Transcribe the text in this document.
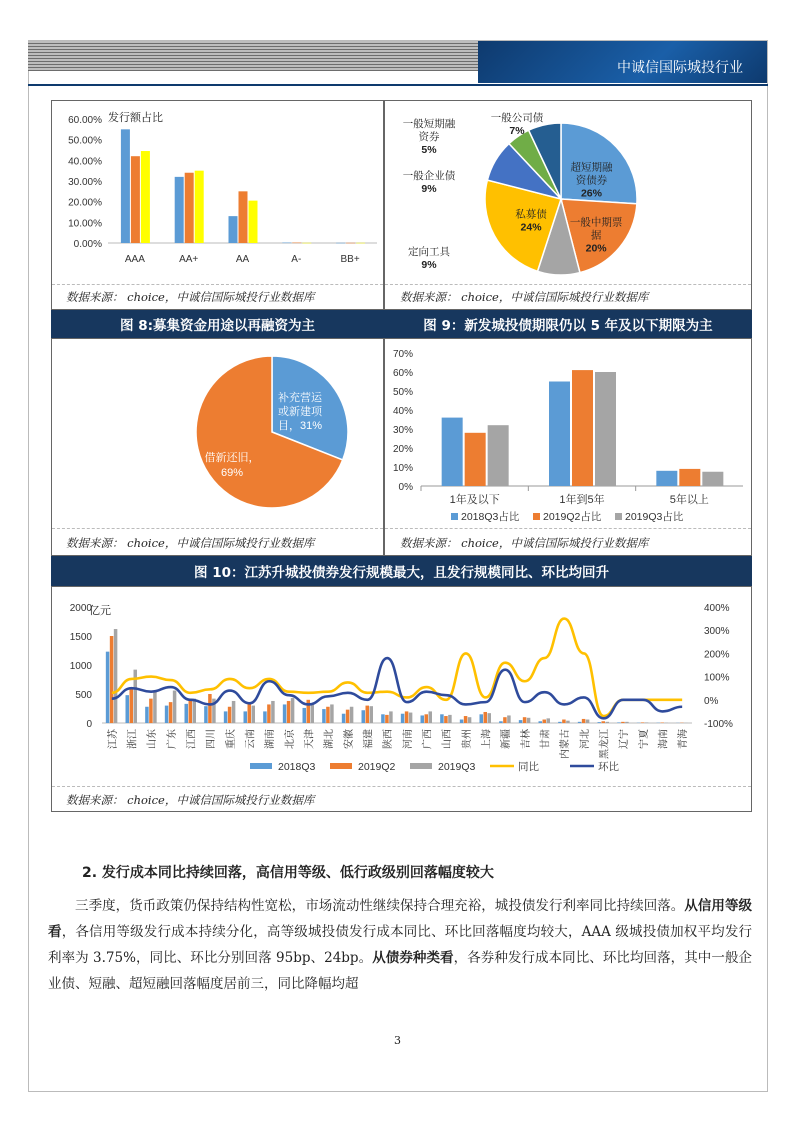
中诚信国际城投行业
发行额占比
0.00%
10.00%
20.00%
30.00%
40.00%
50.00%
60.00%
AAA	AA+	AA	A-	BB+
数据来源： choice，中诚信国际城投行业数据库
超短期融
资债券
26%
一般中期票
据
20%
定向工具
9%
私募债
24%
一般企业债
9%
一般短期融
资券
5%
一般公司债
7%
数据来源： choice，中诚信国际城投行业数据库
图 8:募集资金用途以再融资为主	图 9：新发城投债期限仍以 5 年及以下期限为主
补充营运
或新建项
目，31%
借新还旧，
69%
数据来源： choice，中诚信国际城投行业数据库
0%
10%
20%
30%
40%
50%
60%
70%
1年及以下	1年到5年	5年以上
2018Q3占比 2019Q2占比 2019Q3占比
数据来源： choice，中诚信国际城投行业数据库
图 10：江苏升城投债券发行规模最大，且发行规模同比、环比均回升
亿元
0
500
1000
1500
2000
-100%
0%
100%
200%
300%
400%
江苏 浙江 山东 广东 江西 四川 重庆 云南 湖南 北京 天津 湖北 安徽 福建 陕西 河南 广西 山西 贵州 上海 新疆 吉林 甘肃 内蒙古 河北 黑龙江 辽宁 宁夏 海南 青海
2018Q3	2019Q2	2019Q3	同比	环比
数据来源： choice，中诚信国际城投行业数据库
2. 发行成本同比持续回落，高信用等级、低行政级别回落幅度较大
  三季度，货币政策仍保持结构性宽松，市场流动性继续保持合理充裕，城投债发行利率同比持续回落。从信用等级看，各信用等级发行成本持续分化，高等级城投债发行成本同比、环比回落幅度均较大，AAA 级城投债加权平均发行利率为 3.75%，同比、环比分别回落 95bp、24bp。从债券种类看，各券种发行成本同比、环比均回落，其中一般企业债、短融、超短融回落幅度居前三，同比降幅均超
3
